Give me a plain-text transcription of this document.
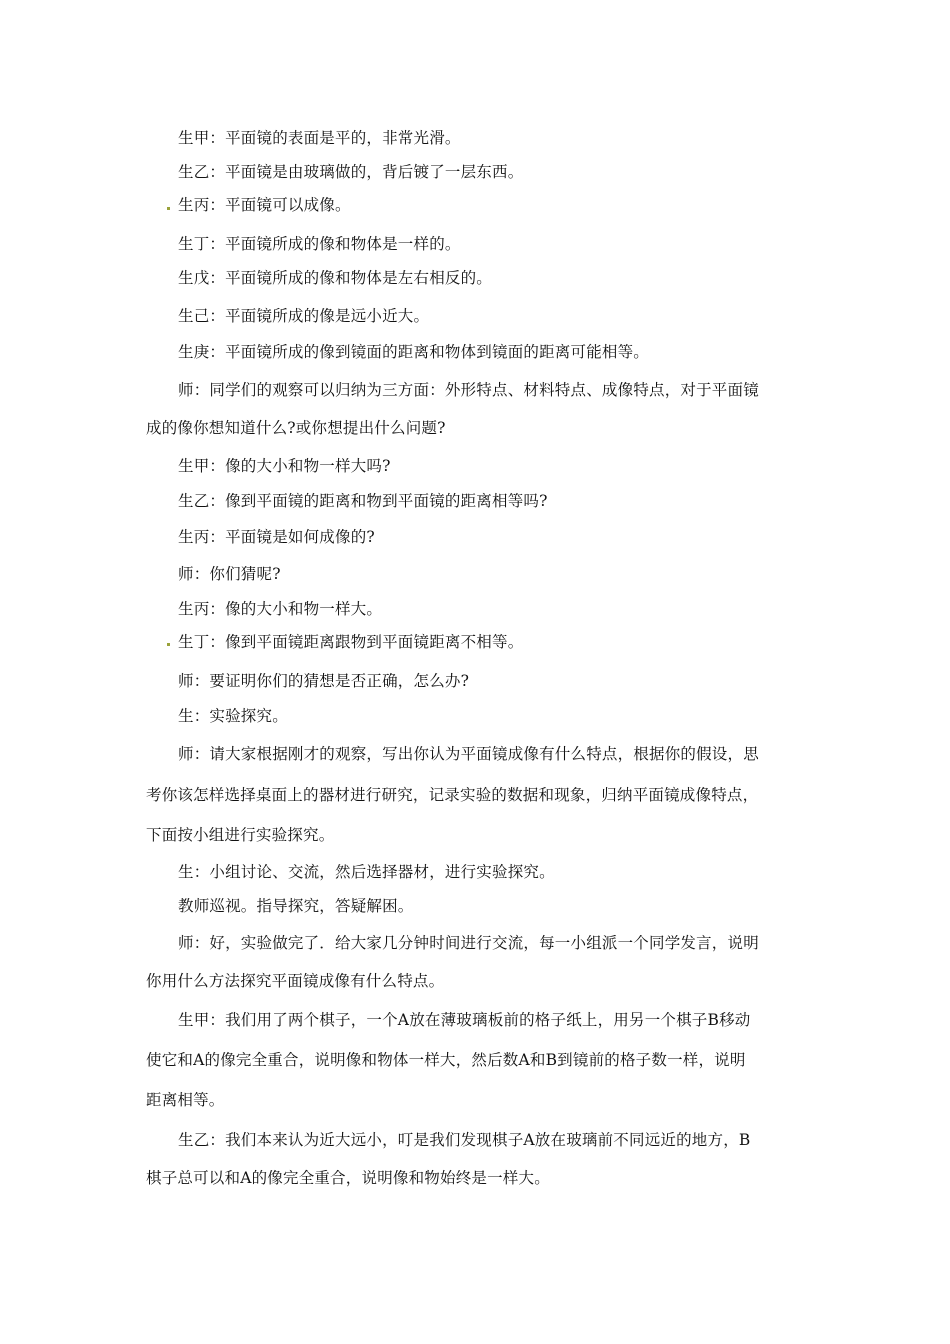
生甲：平面镜的表面是平的，非常光滑。
生乙：平面镜是由玻璃做的，背后镀了一层东西。
生丙：平面镜可以成像。
生丁：平面镜所成的像和物体是一样的。
生戊：平面镜所成的像和物体是左右相反的。
生己：平面镜所成的像是远小近大。
生庚：平面镜所成的像到镜面的距离和物体到镜面的距离可能相等。
师：同学们的观察可以归纳为三方面：外形特点、材料特点、成像特点，对于平面镜
成的像你想知道什么?或你想提出什么问题?
生甲：像的大小和物一样大吗?
生乙：像到平面镜的距离和物到平面镜的距离相等吗?
生丙：平面镜是如何成像的?
师：你们猜呢?
生丙：像的大小和物一样大。
生丁：像到平面镜距离跟物到平面镜距离不相等。
师：要证明你们的猜想是否正确，怎么办?
生：实验探究。
师：请大家根据刚才的观察，写出你认为平面镜成像有什么特点，根据你的假设，思
考你该怎样选择桌面上的器材进行研究，记录实验的数据和现象，归纳平面镜成像特点，
下面按小组进行实验探究。
生：小组讨论、交流，然后选择器材，进行实验探究。
教师巡视。指导探究，答疑解困。
师：好，实验做完了．给大家几分钟时间进行交流，每一小组派一个同学发言，说明
你用什么方法探究平面镜成像有什么特点。
生甲：我们用了两个棋子，一个A放在薄玻璃板前的格子纸上，用另一个棋子B移动
使它和A的像完全重合，说明像和物体一样大，然后数A和B到镜前的格子数一样，说明
距离相等。
生乙：我们本来认为近大远小，叮是我们发现棋子A放在玻璃前不同远近的地方，B
棋子总可以和A的像完全重合，说明像和物始终是一样大。
